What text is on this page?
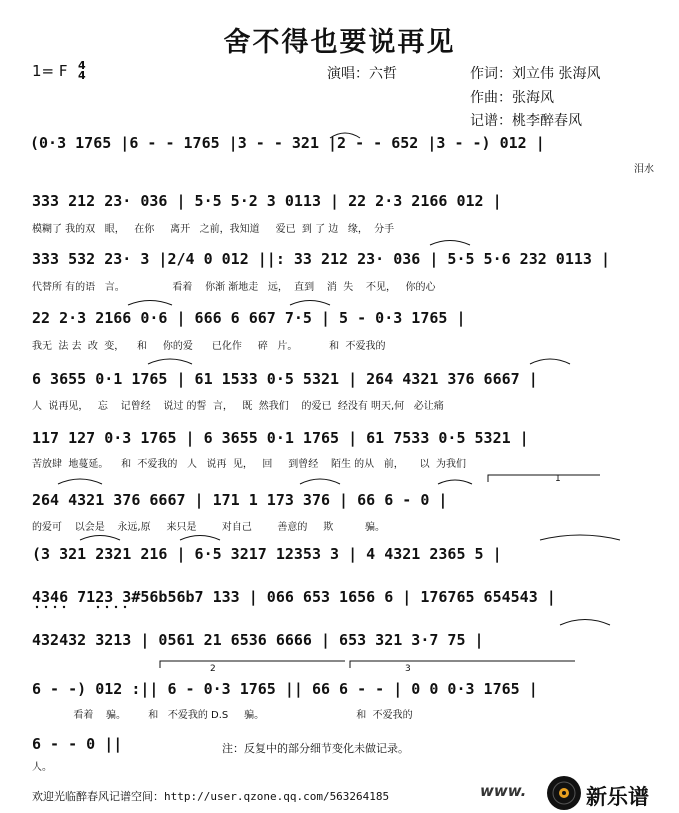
舍不得也要说再见
1= F 4
4	演唱：六哲	作词：刘立伟 张海风
作曲：张海风
记谱：桃李醉春风
(0·3 1765 |6 - - 1765 |3 - - 321 |2 - - 652 |3 - -) 012 |
泪水
333 212 23· 036 | 5·5 5·2 3 0113 | 22 2·3 2166 012 |
模糊了 我的双   眼，   在你     离开   之前，我知道     爱已  到 了 边   缘，  分手
333 532 23· 3 |2/4 0 012 ||: 33 212 23· 036 | 5·5 5·6 232 0113 |
代替所 有的语   言。               看着    你渐 渐地走   远，  直到    消  失    不见，   你的心
22 2·3 2166 0·6 | 666 6 667 7·5 | 5 - 0·3 1765 |
我无  法 去  改  变，    和     你的爱      已化作     碎   片。          和  不爱我的
6 3655 0·1 1765 | 61 1533 0·5 5321 | 264 4321 376 6667 |
人  说再见，   忘    记曾经    说过 的誓  言，   既  然我们    的爱已  经没有 明天,何   必让痛
117 127 0·3 1765 | 6 3655 0·1 1765 | 61 7533 0·5 5321 |
苦放肆  地蔓延。    和  不爱我的   人   说再  见，   回     到曾经    陌生 的从   前，     以  为我们
264 4321 376 6667 | 171 1 173 376 | 66 6 - 0 |
的爱可    以会是    永远,原     来只是        对自己        善意的     欺          骗。
(3 321 2321 216 | 6·5 3217 12353 3 | 4 4321 2365 5 |
4346 7123 3#56b56b7 133 | 066 653 1656 6 | 176765 654543 |
432432 3213 | 0561 21 6536 6666 | 653 321 3·7 75 |
6 - -) 012 :|| 6 - 0·3 1765 || 66 6 - - | 0 0 0·3 1765 |
看着    骗。       和   不爱我的 D.S     骗。                             和  不爱我的
6 - - 0 ||
人。
注：反复中的部分细节变化未做记录。
欢迎光临醉春风记谱空间：http://user.qzone.qq.com/563264185	www.	新乐谱
2	3
1
